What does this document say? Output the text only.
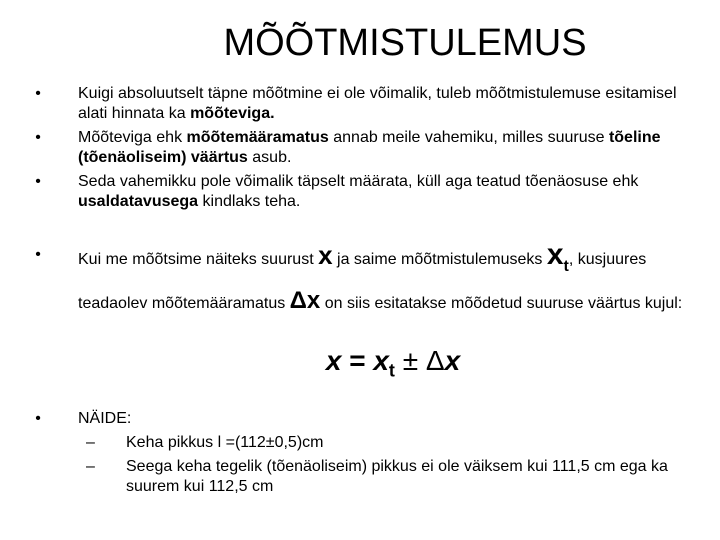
MÕÕTMISTULEMUS
•	Kuigi absoluutselt täpne mõõtmine ei ole võimalik, tuleb mõõtmistulemuse esitamisel alati hinnata ka mõõteviga.
•	Mõõteviga ehk mõõtemääramatus annab meile vahemiku, milles suuruse tõeline (tõenäoliseim) väärtus asub.
•	Seda vahemikku pole võimalik täpselt määrata, küll aga teatud tõenäosuse ehk usaldatavusega kindlaks teha.
•	Kui me mõõtsime näiteks suurust x ja saime mõõtmistulemuseks $x_t$, kusjuures teadaolev mõõtemääramatus Δx on siis esitatakse mõõdetud suuruse väärtus kujul:
$x = x_t \pm \Delta x$
•	NÄIDE:
– Keha pikkus l =(112±0,5)cm
– Seega keha tegelik (tõenäoliseim) pikkus ei ole väiksem kui 111,5 cm ega ka suurem kui 112,5 cm
